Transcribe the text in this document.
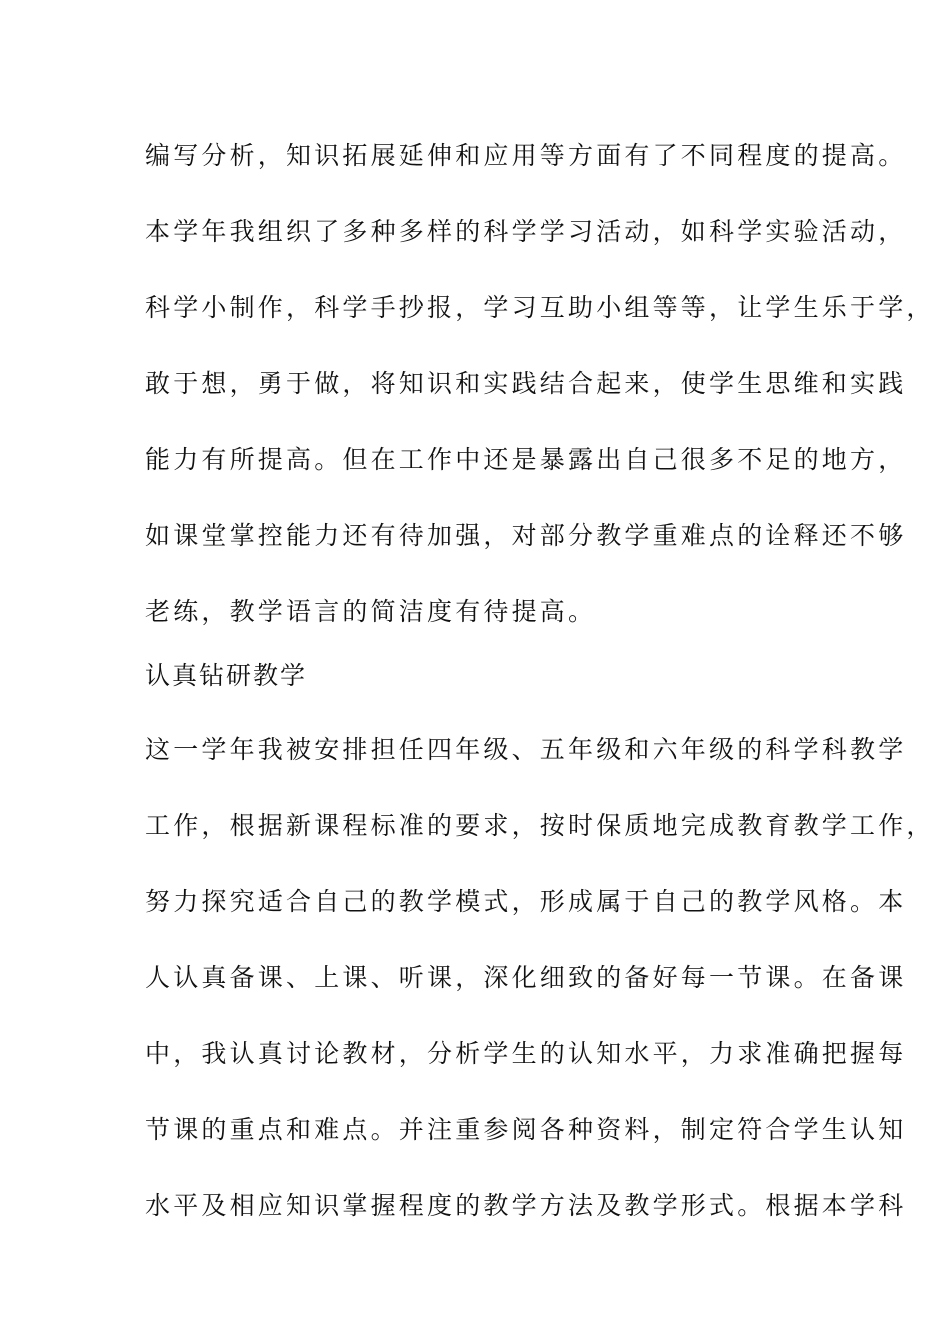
编写分析，知识拓展延伸和应用等方面有了不同程度的提高。
本学年我组织了多种多样的科学学习活动，如科学实验活动，
科学小制作，科学手抄报，学习互助小组等等，让学生乐于学，
敢于想，勇于做，将知识和实践结合起来，使学生思维和实践
能力有所提高。但在工作中还是暴露出自己很多不足的地方，
如课堂掌控能力还有待加强，对部分教学重难点的诠释还不够
老练，教学语言的简洁度有待提高。
认真钻研教学
这一学年我被安排担任四年级、五年级和六年级的科学科教学
工作，根据新课程标准的要求，按时保质地完成教育教学工作，
努力探究适合自己的教学模式，形成属于自己的教学风格。本
人认真备课、上课、听课，深化细致的备好每一节课。在备课
中，我认真讨论教材，分析学生的认知水平，力求准确把握每
节课的重点和难点。并注重参阅各种资料，制定符合学生认知
水平及相应知识掌握程度的教学方法及教学形式。根据本学科
